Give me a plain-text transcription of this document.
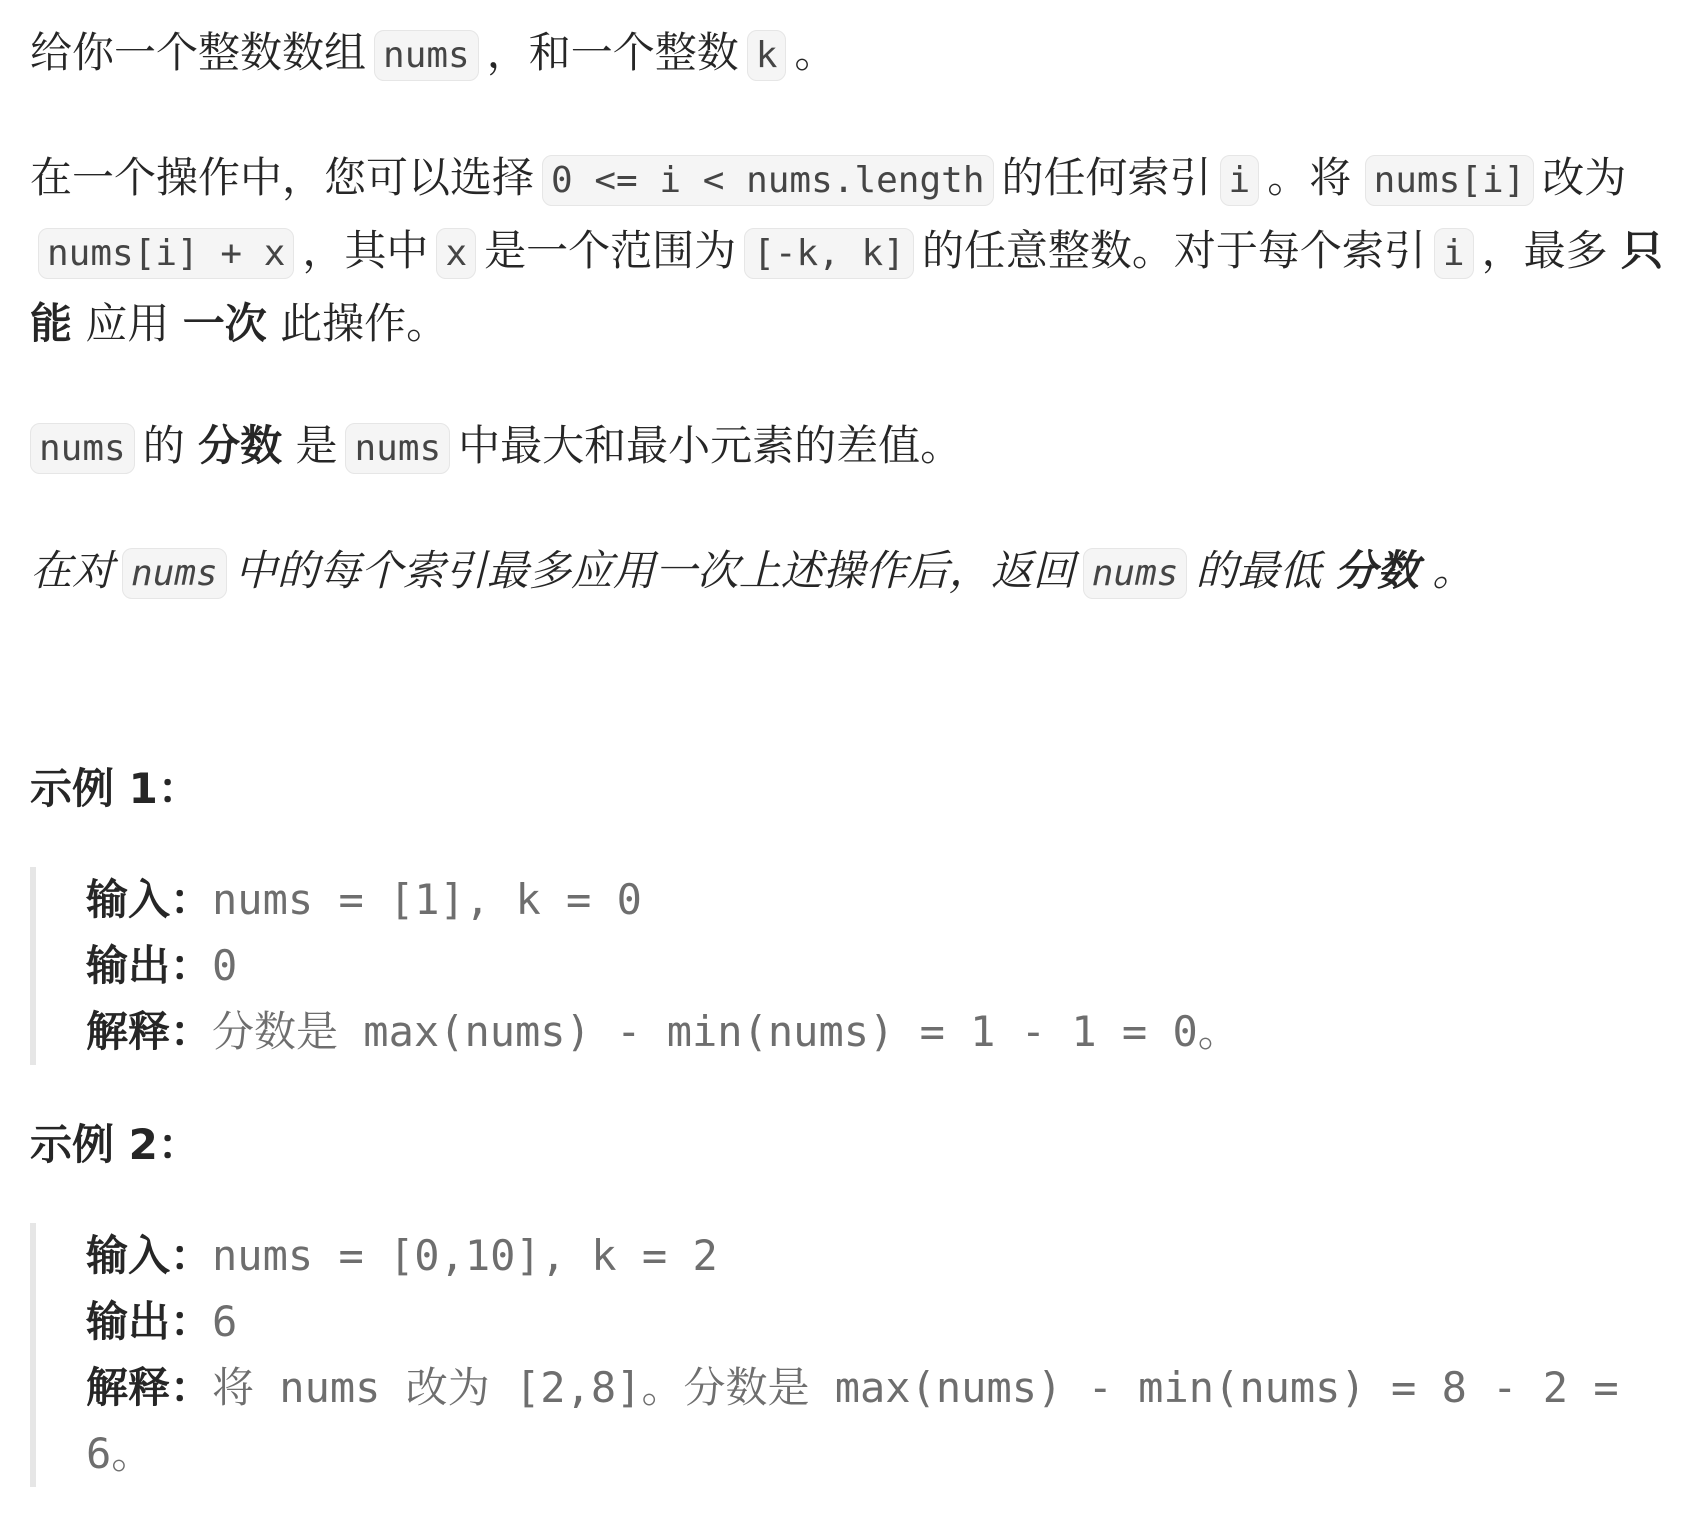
给你一个整数数组 nums ，和一个整数 k 。

在一个操作中，您可以选择 0 <= i < nums.length 的任何索引 i 。将 nums[i] 改为nums[i] + x ，其中 x 是一个范围为 [-k, k] 的任意整数。对于每个索引 i ，最多 只能 应用 一次 此操作。

nums 的 分数 是 nums 中最大和最小元素的差值。

在对 nums 中的每个索引最多应用一次上述操作后，返回 nums 的最低 分数 。

示例 1：
输入：nums = [1], k = 0
输出：0
解释：分数是 max(nums) - min(nums) = 1 - 1 = 0。
示例 2：
输入：nums = [0,10], k = 2
输出：6
解释：将 nums 改为 [2,8]。分数是 max(nums) - min(nums) = 8 - 2 = 6。
